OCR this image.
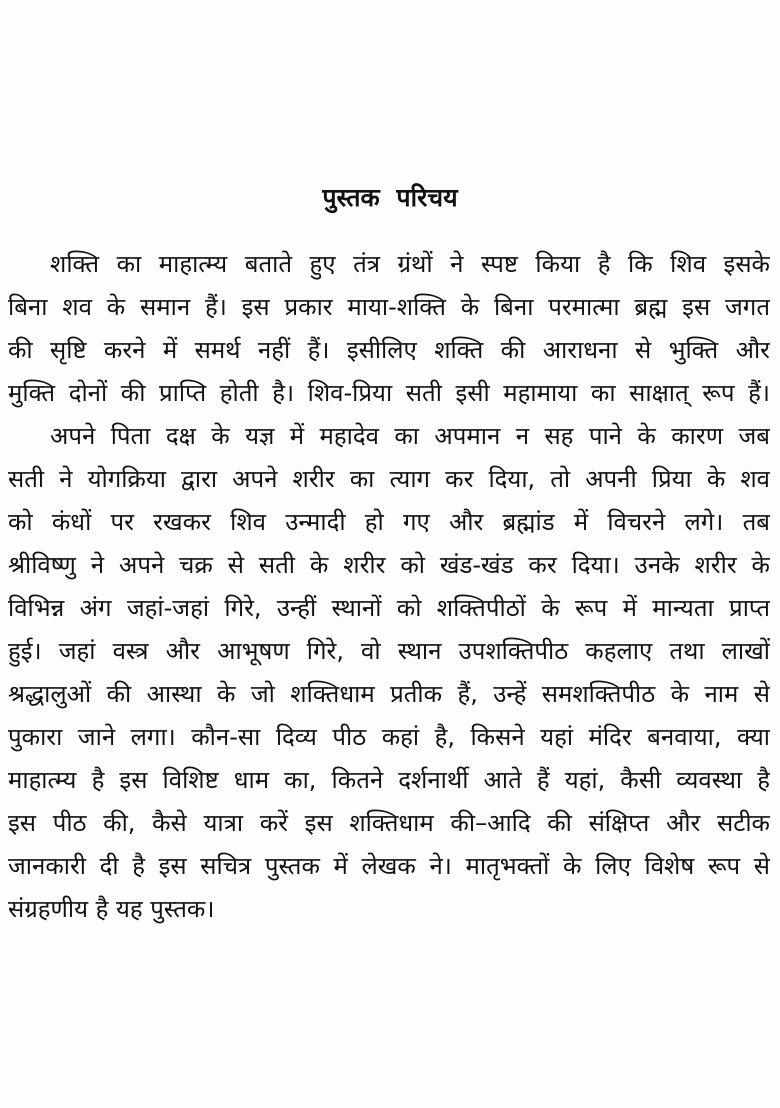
पुस्तक परिचय
शक्ति का माहात्म्य बताते हुए तंत्र ग्रंथों ने स्पष्ट किया है कि शिव इसके
बिना शव के समान हैं। इस प्रकार माया-शक्ति के बिना परमात्मा ब्रह्म इस जगत
की सृष्टि करने में समर्थ नहीं हैं। इसीलिए शक्ति की आराधना से भुक्ति और
मुक्ति दोनों की प्राप्ति होती है। शिव-प्रिया सती इसी महामाया का साक्षात् रूप हैं।
अपने पिता दक्ष के यज्ञ में महादेव का अपमान न सह पाने के कारण जब
सती ने योगक्रिया द्वारा अपने शरीर का त्याग कर दिया, तो अपनी प्रिया के शव
को कंधों पर रखकर शिव उन्मादी हो गए और ब्रह्मांड में विचरने लगे। तब
श्रीविष्णु ने अपने चक्र से सती के शरीर को खंड-खंड कर दिया। उनके शरीर के
विभिन्न अंग जहां-जहां गिरे, उन्हीं स्थानों को शक्तिपीठों के रूप में मान्यता प्राप्त
हुई। जहां वस्त्र और आभूषण गिरे, वो स्थान उपशक्तिपीठ कहलाए तथा लाखों
श्रद्धालुओं की आस्था के जो शक्तिधाम प्रतीक हैं, उन्हें समशक्तिपीठ के नाम से
पुकारा जाने लगा। कौन-सा दिव्य पीठ कहां है, किसने यहां मंदिर बनवाया, क्या
माहात्म्य है इस विशिष्ट धाम का, कितने दर्शनार्थी आते हैं यहां, कैसी व्यवस्था है
इस पीठ की, कैसे यात्रा करें इस शक्तिधाम की–आदि की संक्षिप्त और सटीक
जानकारी दी है इस सचित्र पुस्तक में लेखक ने। मातृभक्तों के लिए विशेष रूप से
संग्रहणीय है यह पुस्तक।
